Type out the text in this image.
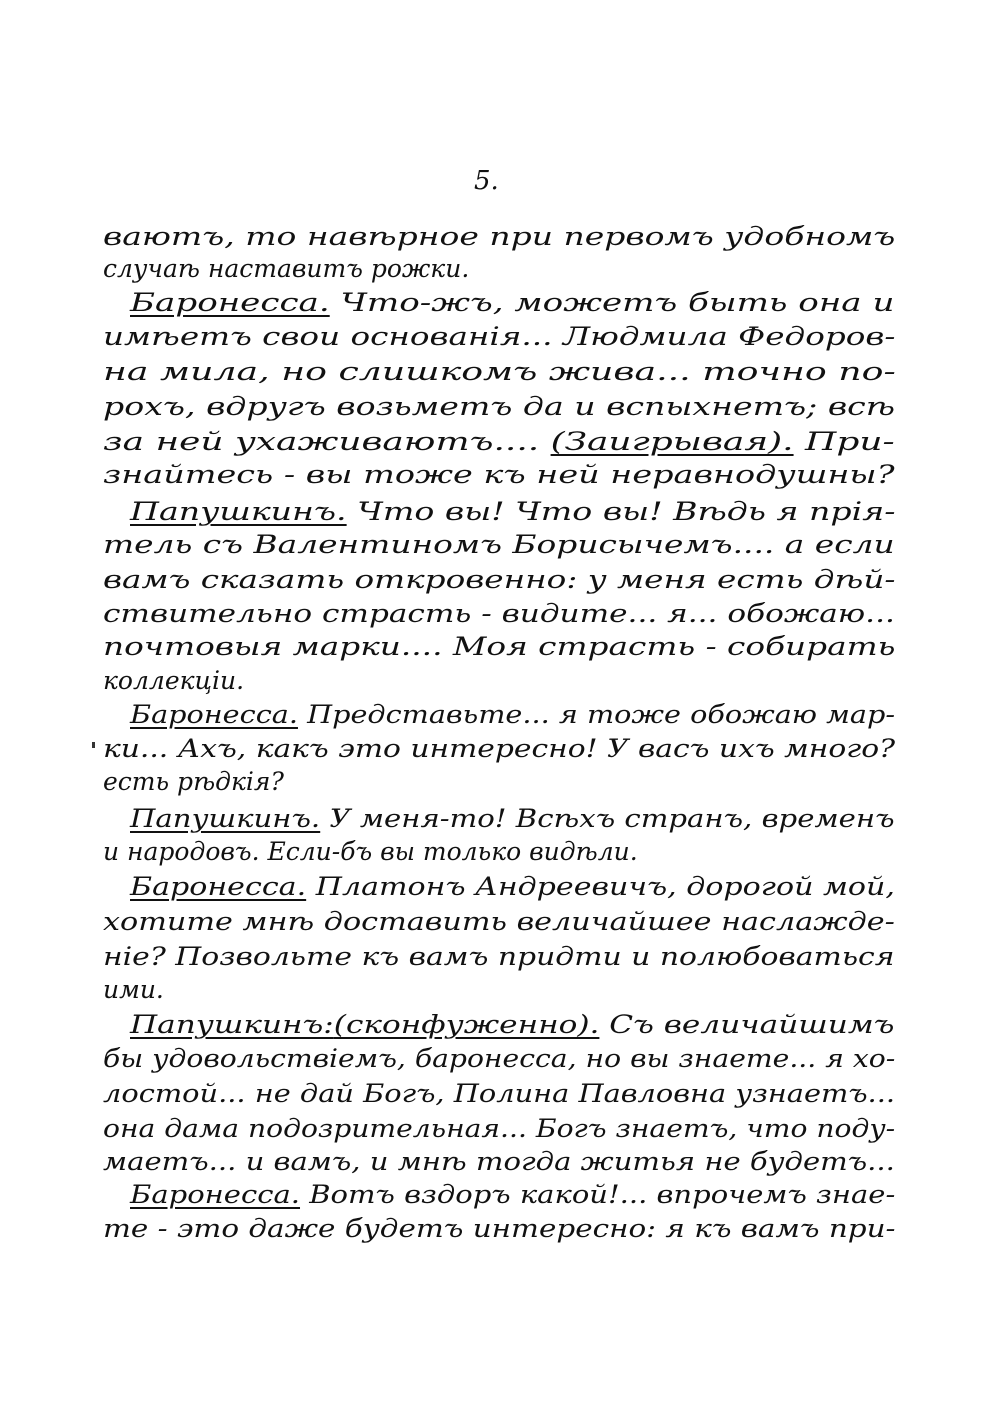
5.
ваютъ, то навѣрное при первомъ удобномъ
случаѣ наставитъ рожки.
Баронесса. Что-жъ, можетъ быть она и
имѣетъ свои основанія... Людмила Федоров-
на мила, но слишкомъ жива... точно по-
рохъ, вдругъ возьметъ да и вспыхнетъ; всѣ
за ней ухаживаютъ.... (Заигрывая). При-
знайтесь - вы тоже къ ней неравнодушны?
Папушкинъ. Что вы! Что вы! Вѣдь я прія-
тель съ Валентиномъ Борисычемъ.... а если
вамъ сказать откровенно: у меня есть дѣй-
ствительно страсть - видите... я... обожаю...
почтовыя марки.... Моя страсть - собирать
коллекціи.
Баронесса. Представьте... я тоже обожаю мар-
ки... Ахъ, какъ это интересно! У васъ ихъ много?
есть рѣдкія?
Папушкинъ. У меня-то! Всѣхъ странъ, временъ
и народовъ. Если-бъ вы только видѣли.
Баронесса. Платонъ Андреевичъ, дорогой мой,
хотите мнѣ доставить величайшее наслажде-
ніе? Позвольте къ вамъ придти и полюбоваться
ими.
Папушкинъ:(сконфуженно). Съ величайшимъ
бы удовольствіемъ, баронесса, но вы знаете... я хо-
лостой... не дай Богъ, Полина Павловна узнаетъ...
она дама подозрительная... Богъ знаетъ, что поду-
маетъ... и вамъ, и мнѣ тогда житья не будетъ...
Баронесса. Вотъ вздоръ какой!... впрочемъ знае-
те - это даже будетъ интересно: я къ вамъ при-
